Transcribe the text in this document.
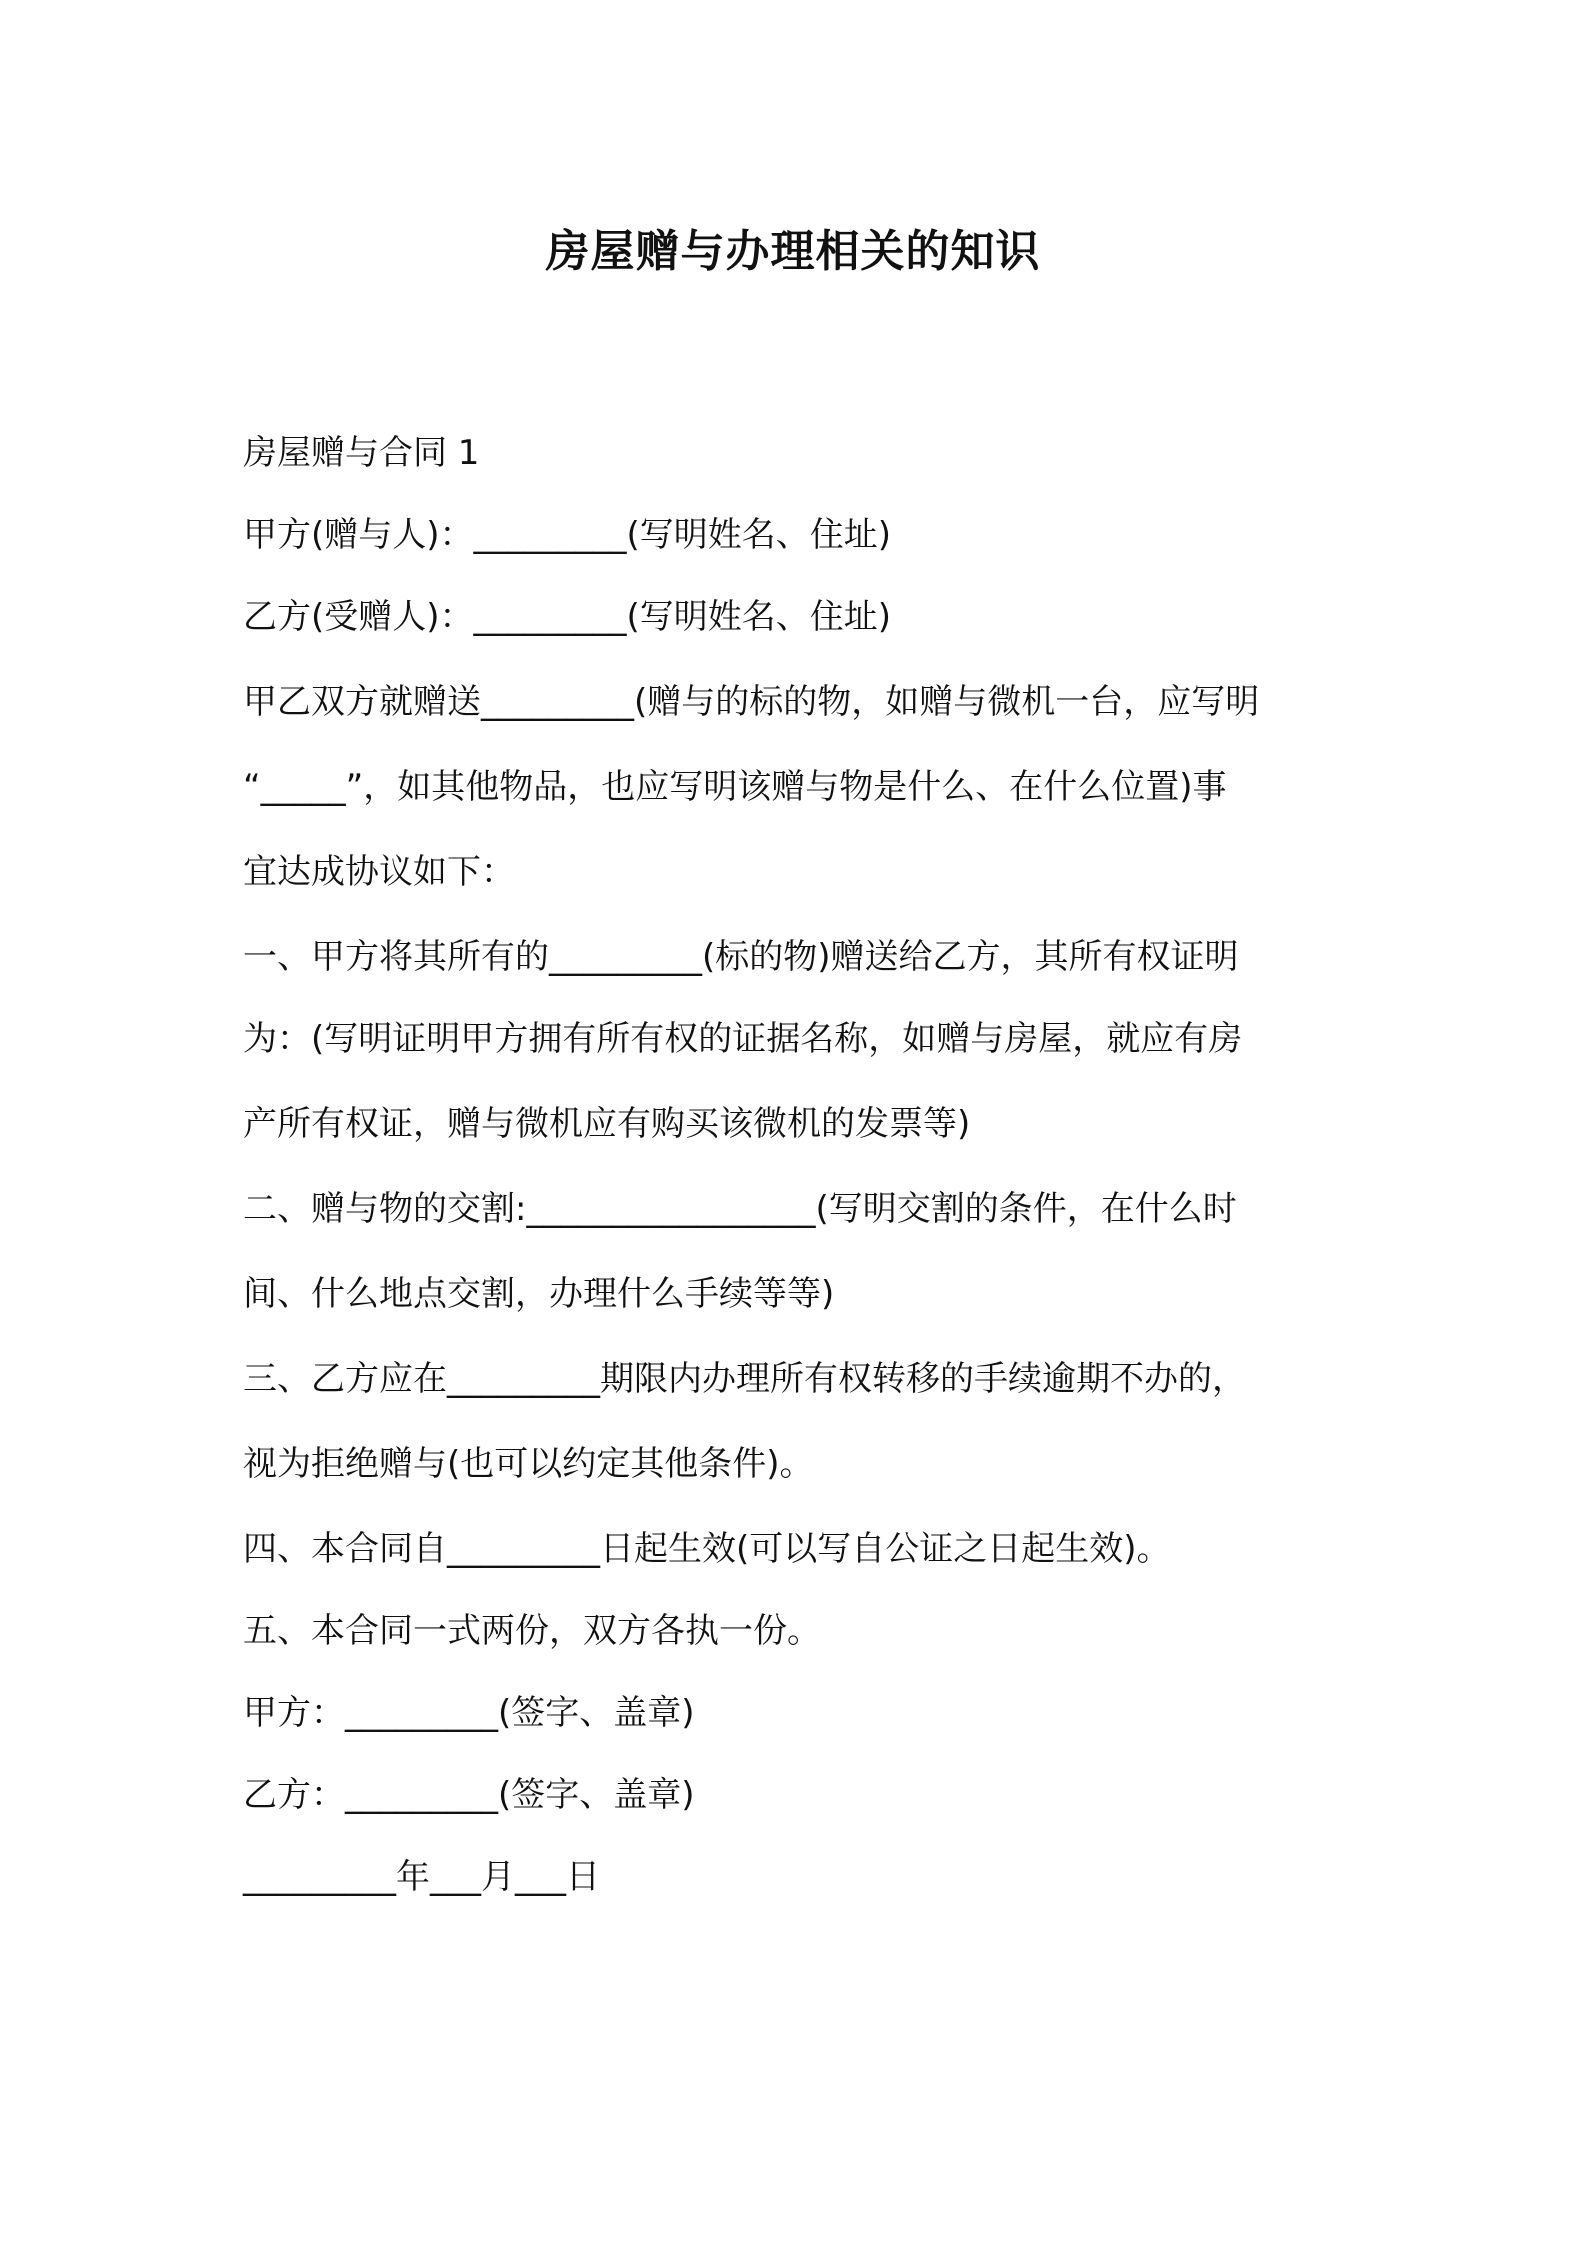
房屋赠与办理相关的知识

房屋赠与合同 1

甲方(赠与人)：_________(写明姓名、住址)

乙方(受赠人)：_________(写明姓名、住址)

甲乙双方就赠送_________(赠与的标的物，如赠与微机一台，应写明

“_____”，如其他物品，也应写明该赠与物是什么、在什么位置)事

宜达成协议如下：

一、甲方将其所有的_________(标的物)赠送给乙方，其所有权证明

为：(写明证明甲方拥有所有权的证据名称，如赠与房屋，就应有房

产所有权证，赠与微机应有购买该微机的发票等)

二、赠与物的交割:_________________(写明交割的条件，在什么时

间、什么地点交割，办理什么手续等等)

三、乙方应在_________期限内办理所有权转移的手续逾期不办的，

视为拒绝赠与(也可以约定其他条件)。

四、本合同自_________日起生效(可以写自公证之日起生效)。

五、本合同一式两份，双方各执一份。

甲方：_________(签字、盖章)

乙方：_________(签字、盖章)

_________年___月___日
